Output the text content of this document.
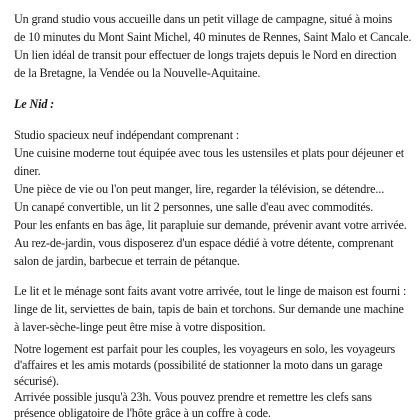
Un grand studio vous accueille dans un petit village de campagne, situé à moins
de 10 minutes du Mont Saint Michel, 40 minutes de Rennes, Saint Malo et Cancale.
Un lien idéal de transit pour effectuer de longs trajets depuis le Nord en direction
de la Bretagne, la Vendée ou la Nouvelle-Aquitaine.
Le Nid :
Studio spacieux neuf indépendant comprenant :
Une cuisine moderne tout équipée avec tous les ustensiles et plats pour déjeuner et
diner.
Une pièce de vie ou l'on peut manger, lire, regarder la télévision, se détendre...
Un canapé convertible, un lit 2 personnes, une salle d'eau avec commodités.
Pour les enfants en bas âge, lit parapluie sur demande, prévenir avant votre arrivée.
Au rez-de-jardin, vous disposerez d'un espace dédié à votre détente, comprenant
salon de jardin, barbecue et terrain de pétanque.
Le lit et le ménage sont faits avant votre arrivée, tout le linge de maison est fourni :
linge de lit, serviettes de bain, tapis de bain et torchons. Sur demande une machine
à laver-sèche-linge peut être mise à votre disposition.
Notre logement est parfait pour les couples, les voyageurs en solo, les voyageurs
d'affaires et les amis motards (possibilité de stationner la moto dans un garage
sécurisé).
Arrivée possible jusqu'à 23h. Vous pouvez prendre et remettre les clefs sans
présence obligatoire de l'hôte grâce à un coffre à code.
